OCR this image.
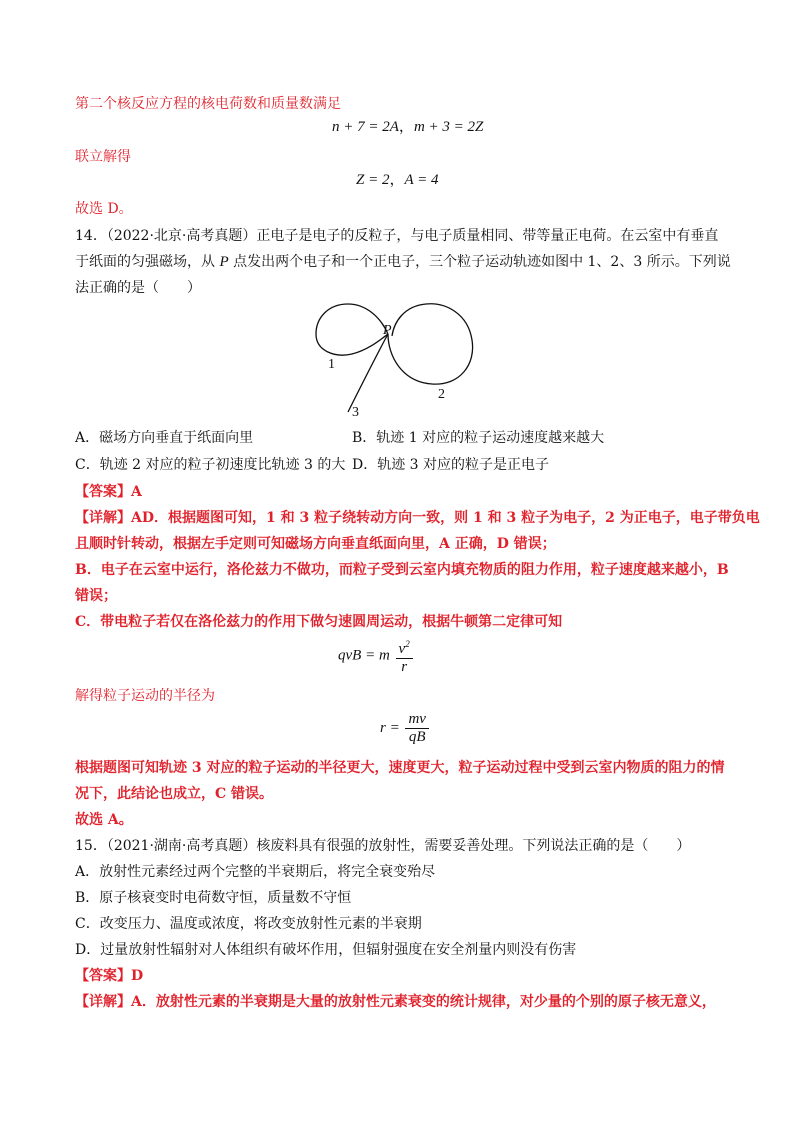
第二个核反应方程的核电荷数和质量数满足
n + 7 = 2A，m + 3 = 2Z
联立解得
Z = 2，A = 4
故选 D。
14．（2022·北京·高考真题）正电子是电子的反粒子，与电子质量相同、带等量正电荷。在云室中有垂直
于纸面的匀强磁场，从 P 点发出两个电子和一个正电子，三个粒子运动轨迹如图中 1、2、3 所示。下列说
法正确的是（　　）
P
1
2
3
A．磁场方向垂直于纸面向里	B．轨迹 1 对应的粒子运动速度越来越大
C．轨迹 2 对应的粒子初速度比轨迹 3 的大 D．轨迹 3 对应的粒子是正电子
【答案】A
【详解】AD．根据题图可知，1 和 3 粒子绕转动方向一致，则 1 和 3 粒子为电子，2 为正电子，电子带负电
且顺时针转动，根据左手定则可知磁场方向垂直纸面向里，A 正确，D 错误；
B．电子在云室中运行，洛伦兹力不做功，而粒子受到云室内填充物质的阻力作用，粒子速度越来越小，B
错误；
C．带电粒子若仅在洛伦兹力的作用下做匀速圆周运动，根据牛顿第二定律可知
qvB = m $\frac{v^2}{r}$
解得粒子运动的半径为
$r = \frac{mv}{qB}$
根据题图可知轨迹 3 对应的粒子运动的半径更大，速度更大，粒子运动过程中受到云室内物质的阻力的情
况下，此结论也成立，C 错误。
故选 A。
15．（2021·湖南·高考真题）核废料具有很强的放射性，需要妥善处理。下列说法正确的是（　　）
A．放射性元素经过两个完整的半衰期后，将完全衰变殆尽
B．原子核衰变时电荷数守恒，质量数不守恒
C．改变压力、温度或浓度，将改变放射性元素的半衰期
D．过量放射性辐射对人体组织有破坏作用，但辐射强度在安全剂量内则没有伤害
【答案】D
【详解】A．放射性元素的半衰期是大量的放射性元素衰变的统计规律，对少量的个别的原子核无意义，
